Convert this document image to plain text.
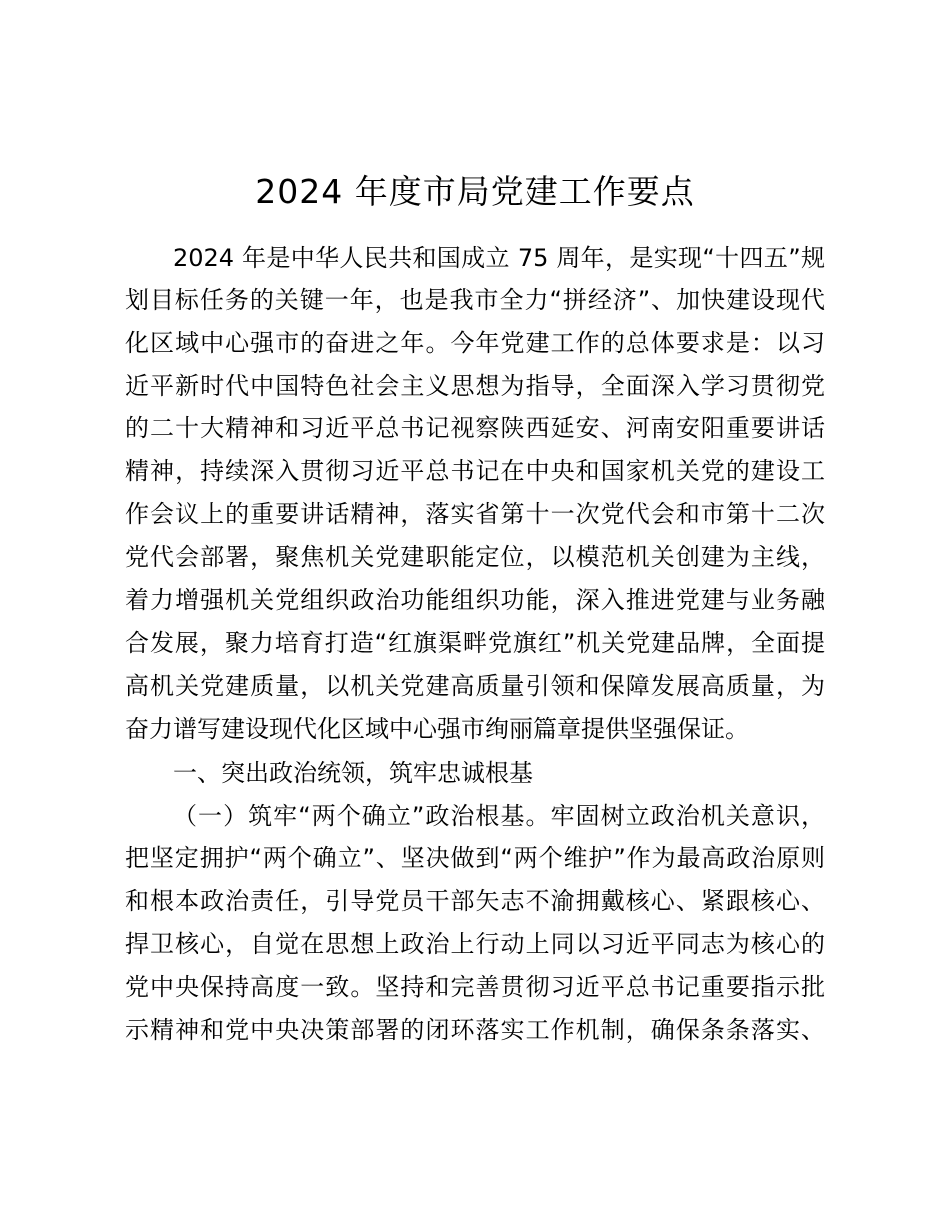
2024 年度市局党建工作要点
2024 年是中华人民共和国成立 75 周年，是实现“十四五”规
划目标任务的关键一年，也是我市全力“拼经济”、加快建设现代
化区域中心强市的奋进之年。今年党建工作的总体要求是：以习
近平新时代中国特色社会主义思想为指导，全面深入学习贯彻党
的二十大精神和习近平总书记视察陕西延安、河南安阳重要讲话
精神，持续深入贯彻习近平总书记在中央和国家机关党的建设工
作会议上的重要讲话精神，落实省第十一次党代会和市第十二次
党代会部署，聚焦机关党建职能定位，以模范机关创建为主线，
着力增强机关党组织政治功能组织功能，深入推进党建与业务融
合发展，聚力培育打造“红旗渠畔党旗红”机关党建品牌，全面提
高机关党建质量，以机关党建高质量引领和保障发展高质量，为
奋力谱写建设现代化区域中心强市绚丽篇章提供坚强保证。
一、突出政治统领，筑牢忠诚根基
（一）筑牢“两个确立”政治根基。牢固树立政治机关意识，
把坚定拥护“两个确立”、坚决做到“两个维护”作为最高政治原则
和根本政治责任，引导党员干部矢志不渝拥戴核心、紧跟核心、
捍卫核心，自觉在思想上政治上行动上同以习近平同志为核心的
党中央保持高度一致。坚持和完善贯彻习近平总书记重要指示批
示精神和党中央决策部署的闭环落实工作机制，确保条条落实、
